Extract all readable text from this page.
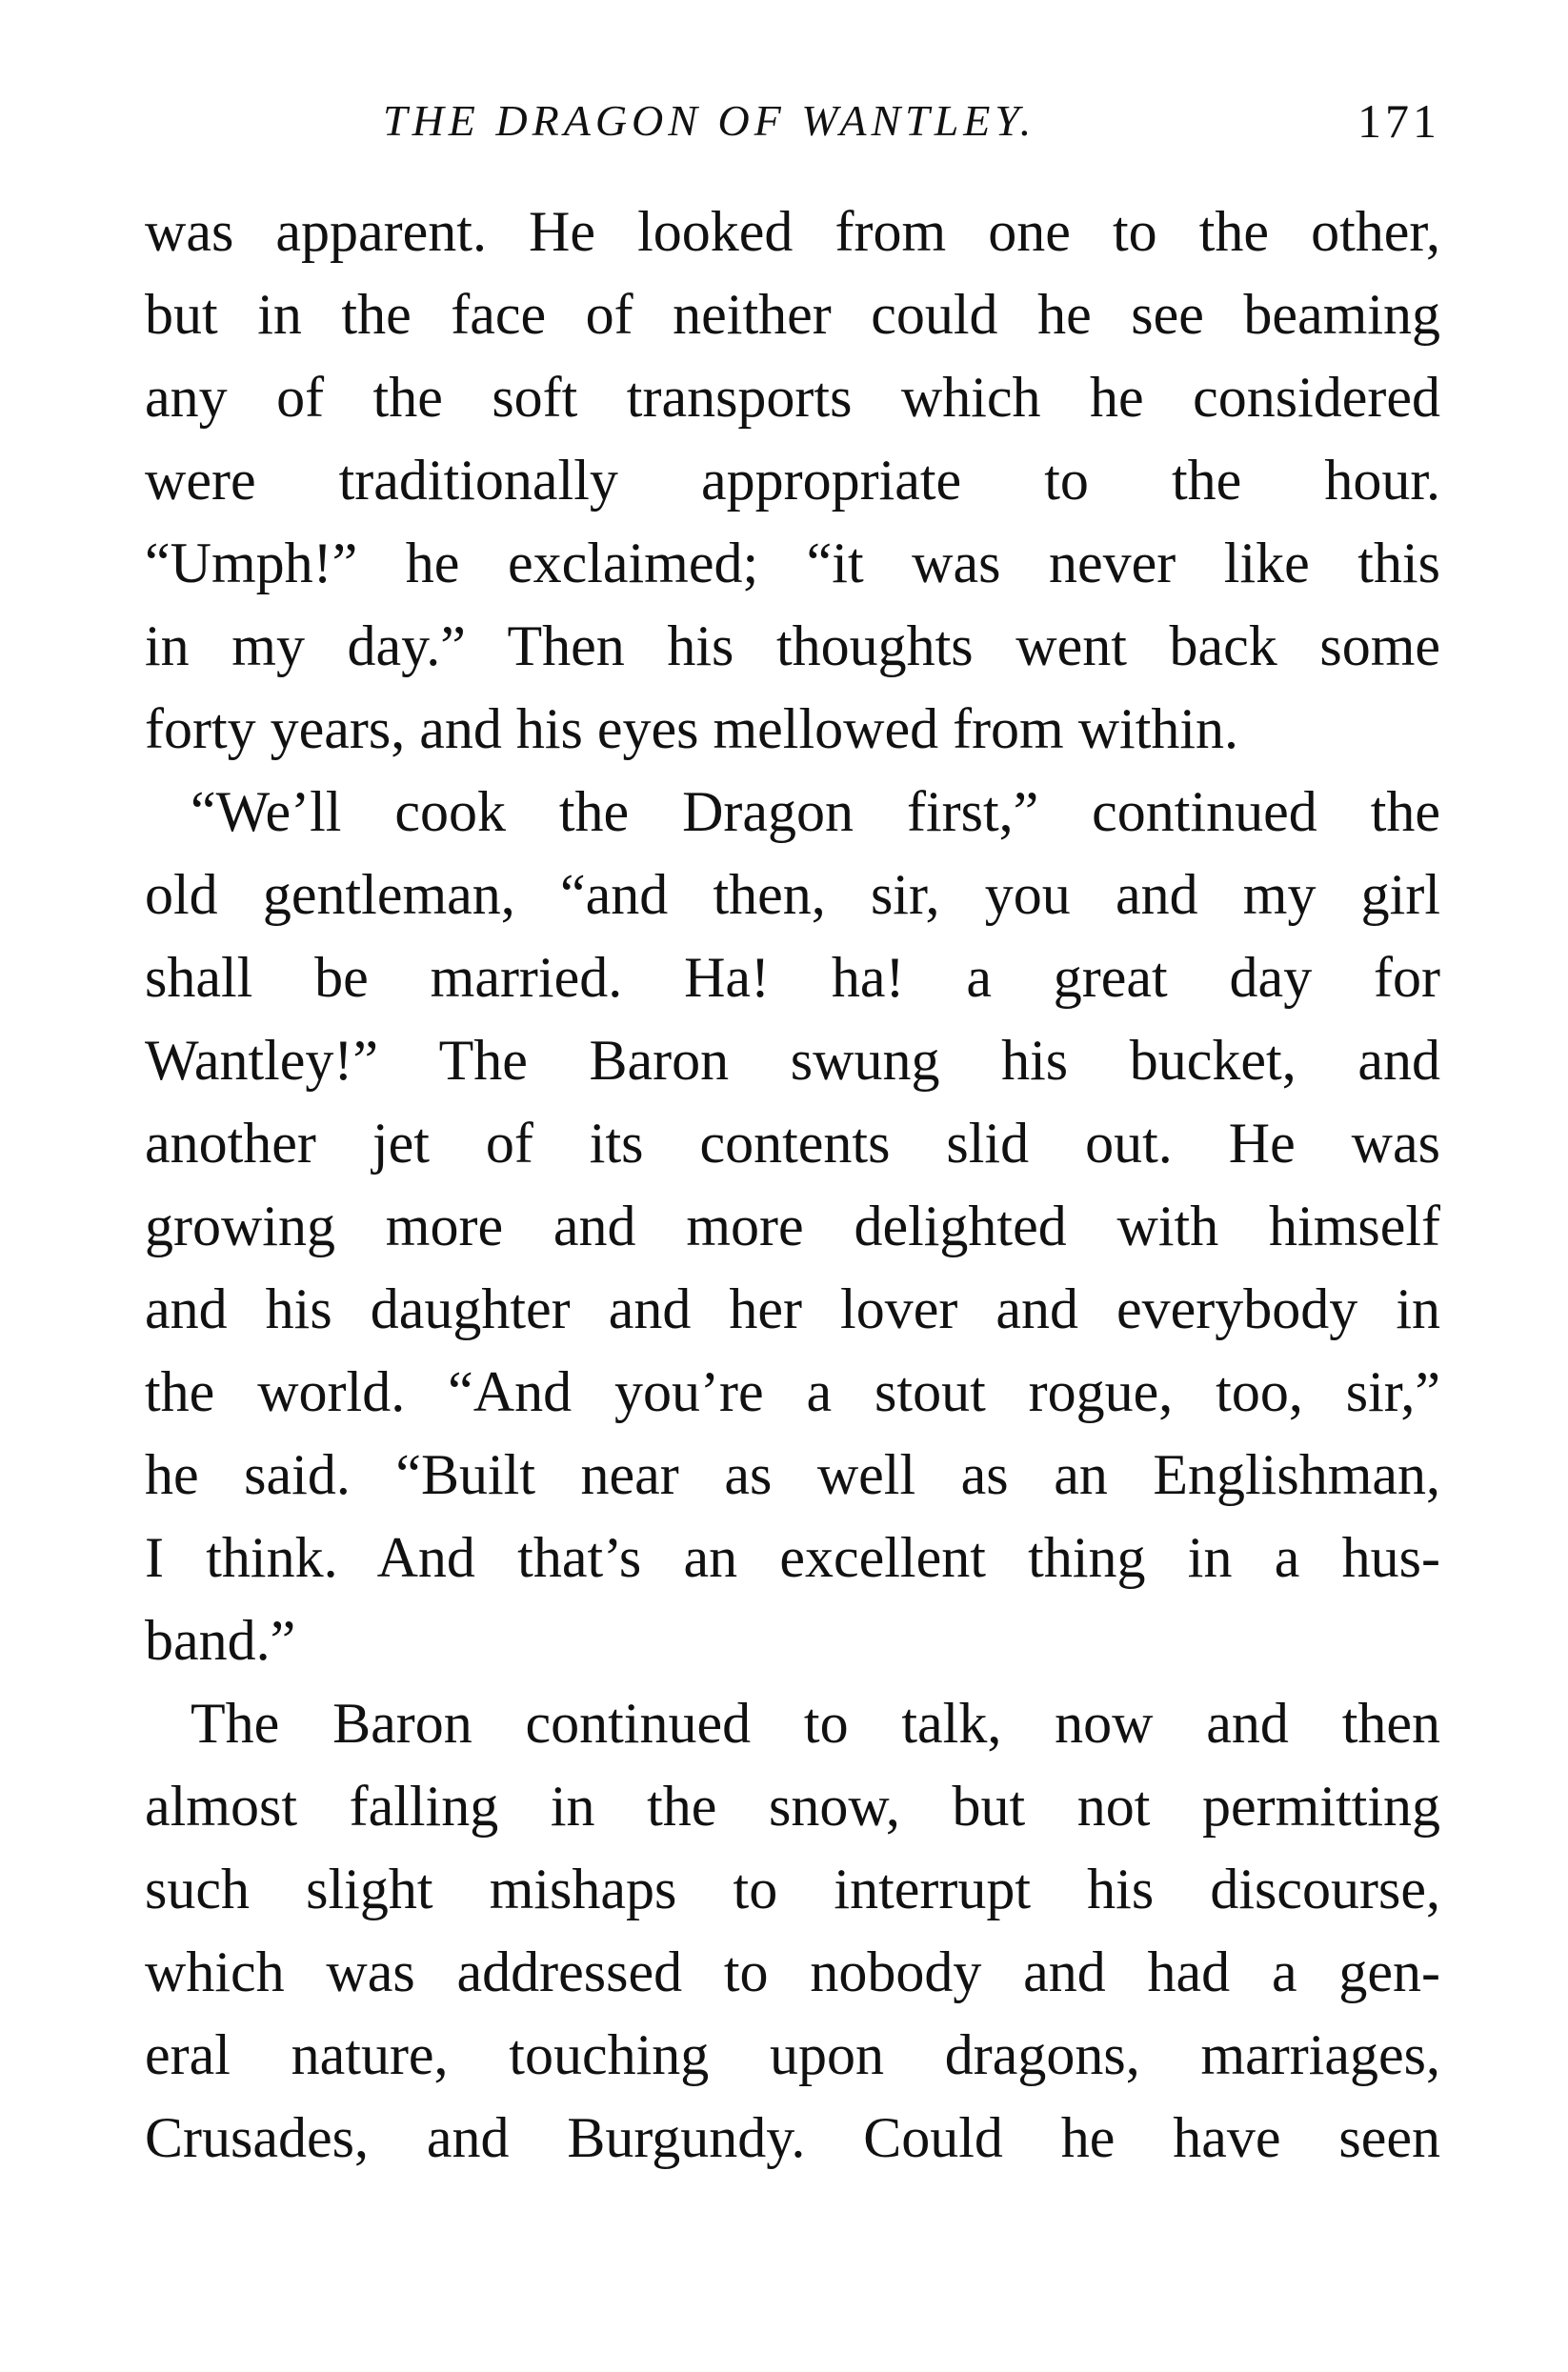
THE DRAGON OF WANTLEY.	171

was apparent. He looked from one to the other,
but in the face of neither could he see beaming
any of the soft transports which he considered
were traditionally appropriate to the hour.
“Umph!” he exclaimed; “it was never like this
in my day.” Then his thoughts went back some
forty years, and his eyes mellowed from within.

“We’ll cook the Dragon first,” continued the
old gentleman, “and then, sir, you and my girl
shall be married. Ha! ha! a great day for
Wantley!” The Baron swung his bucket, and
another jet of its contents slid out. He was
growing more and more delighted with himself
and his daughter and her lover and everybody in
the world. “And you’re a stout rogue, too, sir,”
he said. “Built near as well as an Englishman,
I think. And that’s an excellent thing in a hus-
band.”

The Baron continued to talk, now and then
almost falling in the snow, but not permitting
such slight mishaps to interrupt his discourse,
which was addressed to nobody and had a gen-
eral nature, touching upon dragons, marriages,
Crusades, and Burgundy. Could he have seen
